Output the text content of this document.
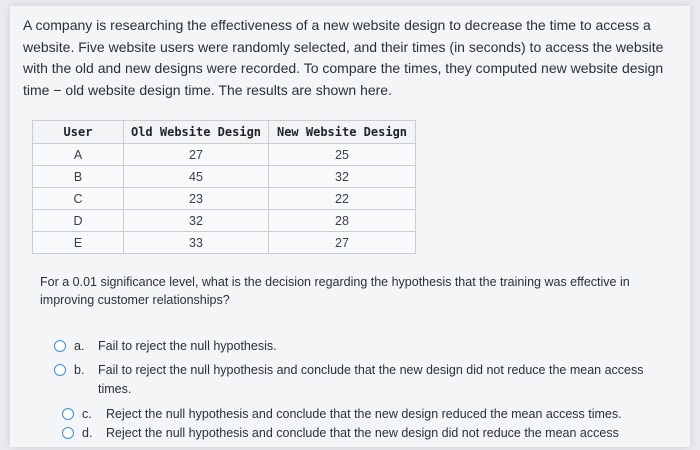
A company is researching the effectiveness of a new website design to decrease the time to access a website. Five website users were randomly selected, and their times (in seconds) to access the website with the old and new designs were recorded. To compare the times, they computed new website design time − old website design time. The results are shown here.
User	Old Website Design	New Website Design
A	27	25
B	45	32
C	23	22
D	32	28
E	33	27
For a 0.01 significance level, what is the decision regarding the hypothesis that the training was effective in improving customer relationships?
a. Fail to reject the null hypothesis.
b. Fail to reject the null hypothesis and conclude that the new design did not reduce the mean access times.
c. Reject the null hypothesis and conclude that the new design reduced the mean access times.
d. Reject the null hypothesis and conclude that the new design did not reduce the mean access
